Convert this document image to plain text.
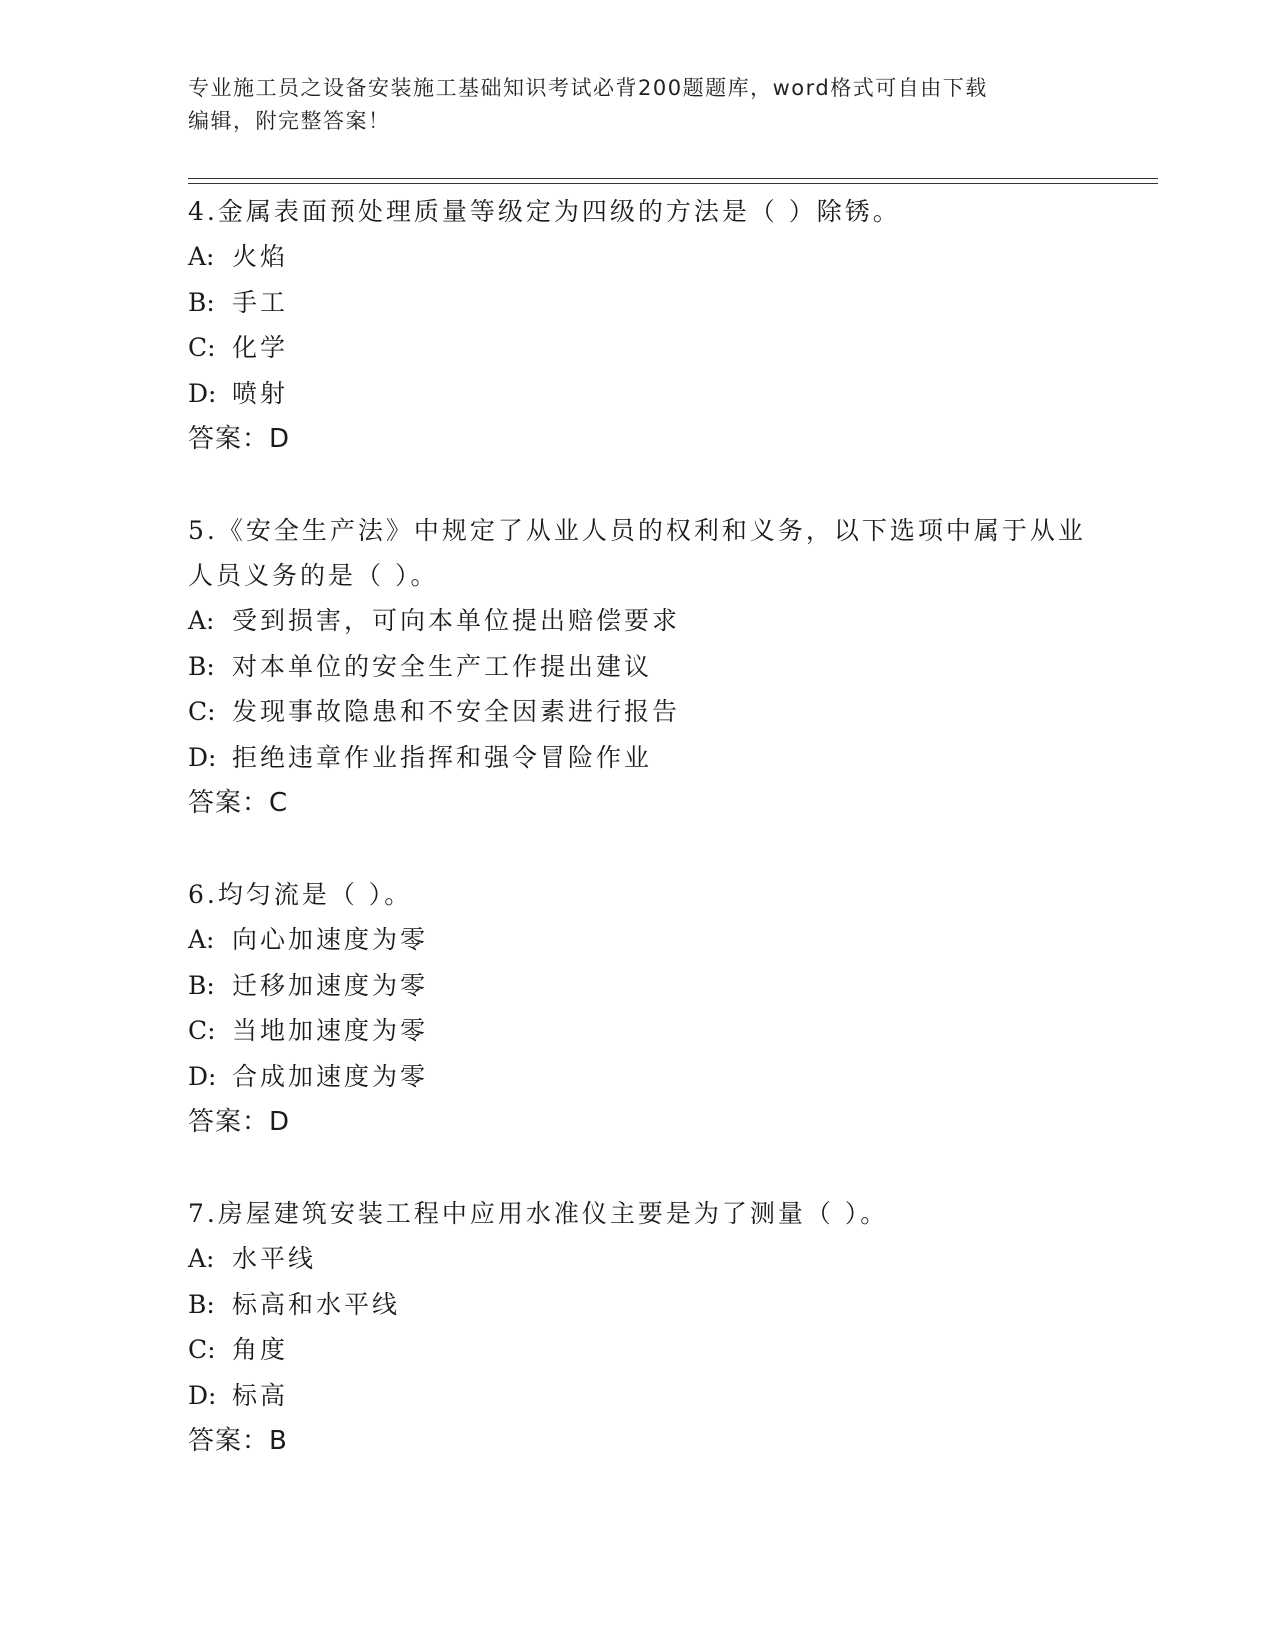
专业施工员之设备安装施工基础知识考试必背200题题库，word格式可自由下载
编辑，附完整答案！
4.金属表面预处理质量等级定为四级的方法是（ ）除锈。
A: 火焰
B: 手工
C: 化学
D: 喷射
答案：D
5.《安全生产法》中规定了从业人员的权利和义务，以下选项中属于从业人员义务的是（ ）。
A: 受到损害，可向本单位提出赔偿要求
B: 对本单位的安全生产工作提出建议
C: 发现事故隐患和不安全因素进行报告
D: 拒绝违章作业指挥和强令冒险作业
答案：C
6.均匀流是（ ）。
A: 向心加速度为零
B: 迁移加速度为零
C: 当地加速度为零
D: 合成加速度为零
答案：D
7.房屋建筑安装工程中应用水准仪主要是为了测量（ ）。
A: 水平线
B: 标高和水平线
C: 角度
D: 标高
答案：B
